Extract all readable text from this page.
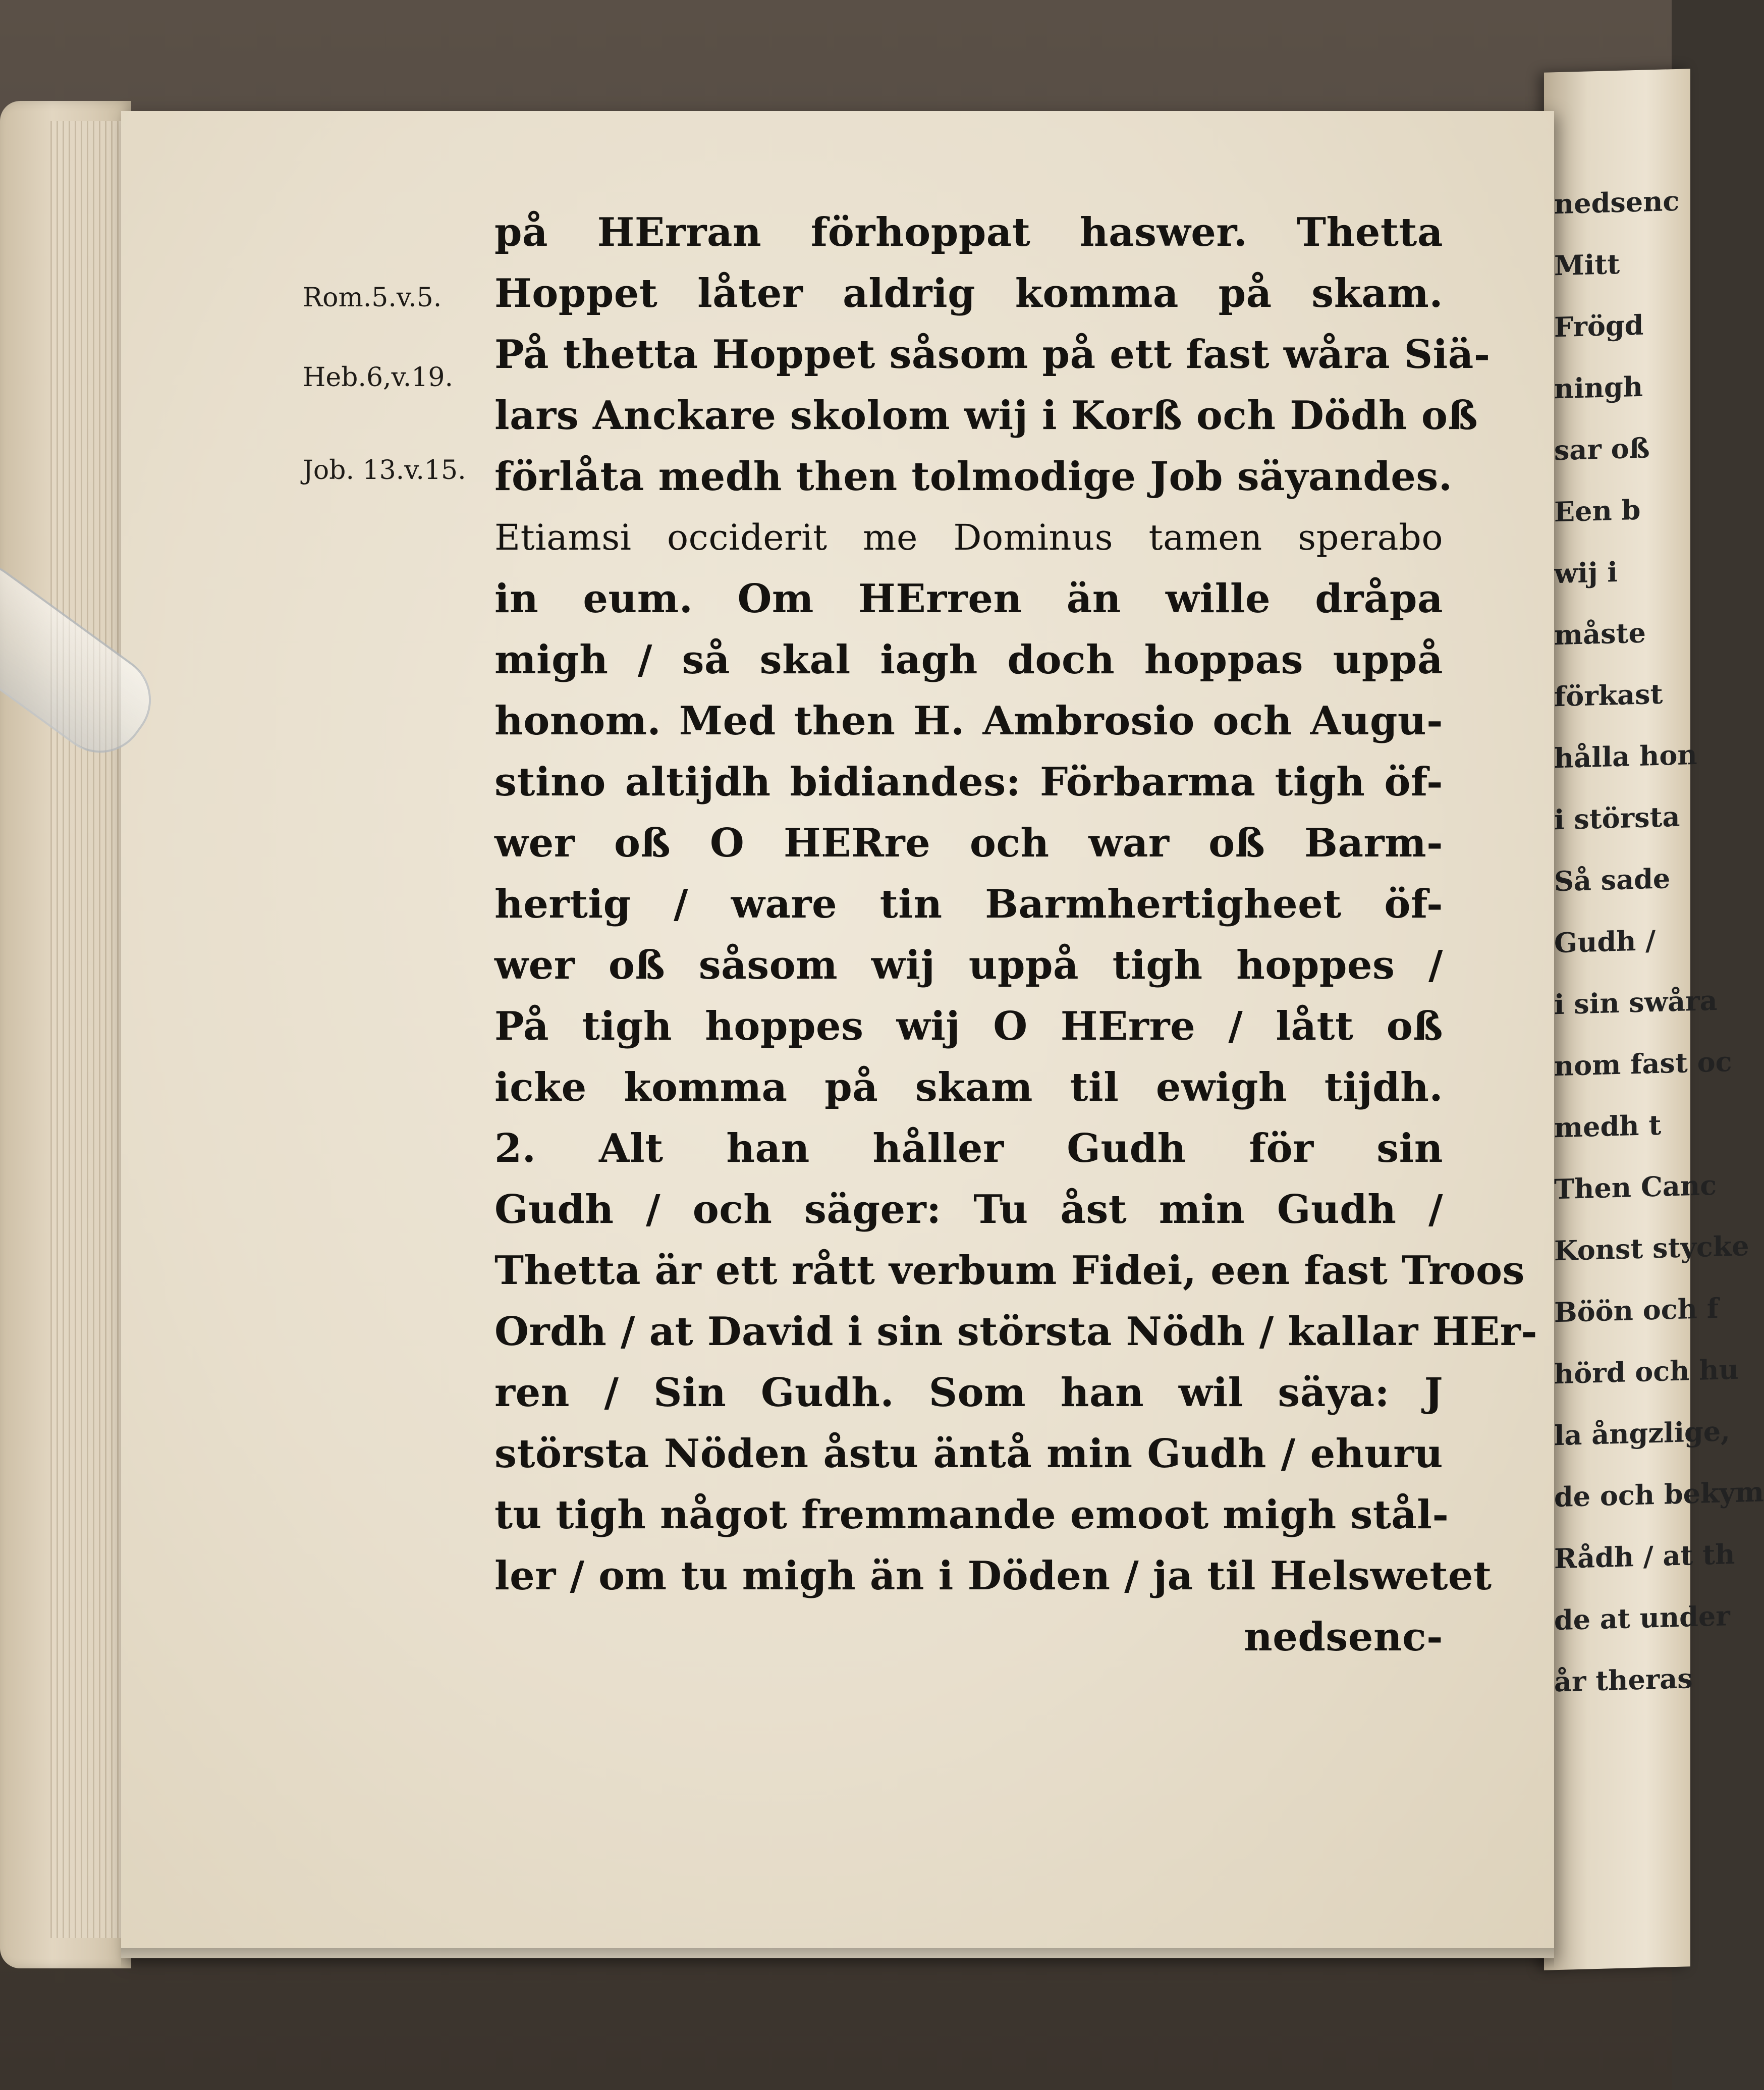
nedsenc
Mitt
Frögd
ningh
sar oß
Een b
wij i
måste
förkast
hålla hon
i största
Så sade
Gudh /
i sin swåra
nom fast oc
medh t
Then Canc
Konst stycke
Böön och f
hörd och hu
la ångzlige,
de och bekym
Rådh / at th
de at under
år theras
Rom.5.v.5.
Heb.6,v.19.
Job. 13.v.15.
på HErran förhoppat haswer. Thetta
Hoppet låter aldrig komma på skam.
På thetta Hoppet såsom på ett fast wåra Siä-
lars Anckare skolom wij i Korß och Dödh oß
förlåta medh then tolmodige Job säyandes.
Etiamsi occiderit me Dominus tamen sperabo
in eum. Om HErren än wille dråpa
migh / så skal iagh doch hoppas uppå
honom. Med then H. Ambrosio och Augu-
stino altijdh bidiandes: Förbarma tigh öf-
wer oß O HERre och war oß Barm-
hertig / ware tin Barmhertigheet öf-
wer oß såsom wij uppå tigh hoppes /
På tigh hoppes wij O HErre / lått oß
icke komma på skam til ewigh tijdh.
2. Alt han håller Gudh för sin
Gudh / och säger: Tu åst min Gudh /
Thetta är ett rått verbum Fidei, een fast Troos
Ordh / at David i sin största Nödh / kallar HEr-
ren / Sin Gudh. Som han wil säya: J
största Nöden åstu äntå min Gudh / ehuru
tu tigh något fremmande emoot migh stål-
ler / om tu migh än i Döden / ja til Helswetet
nedsenc-
